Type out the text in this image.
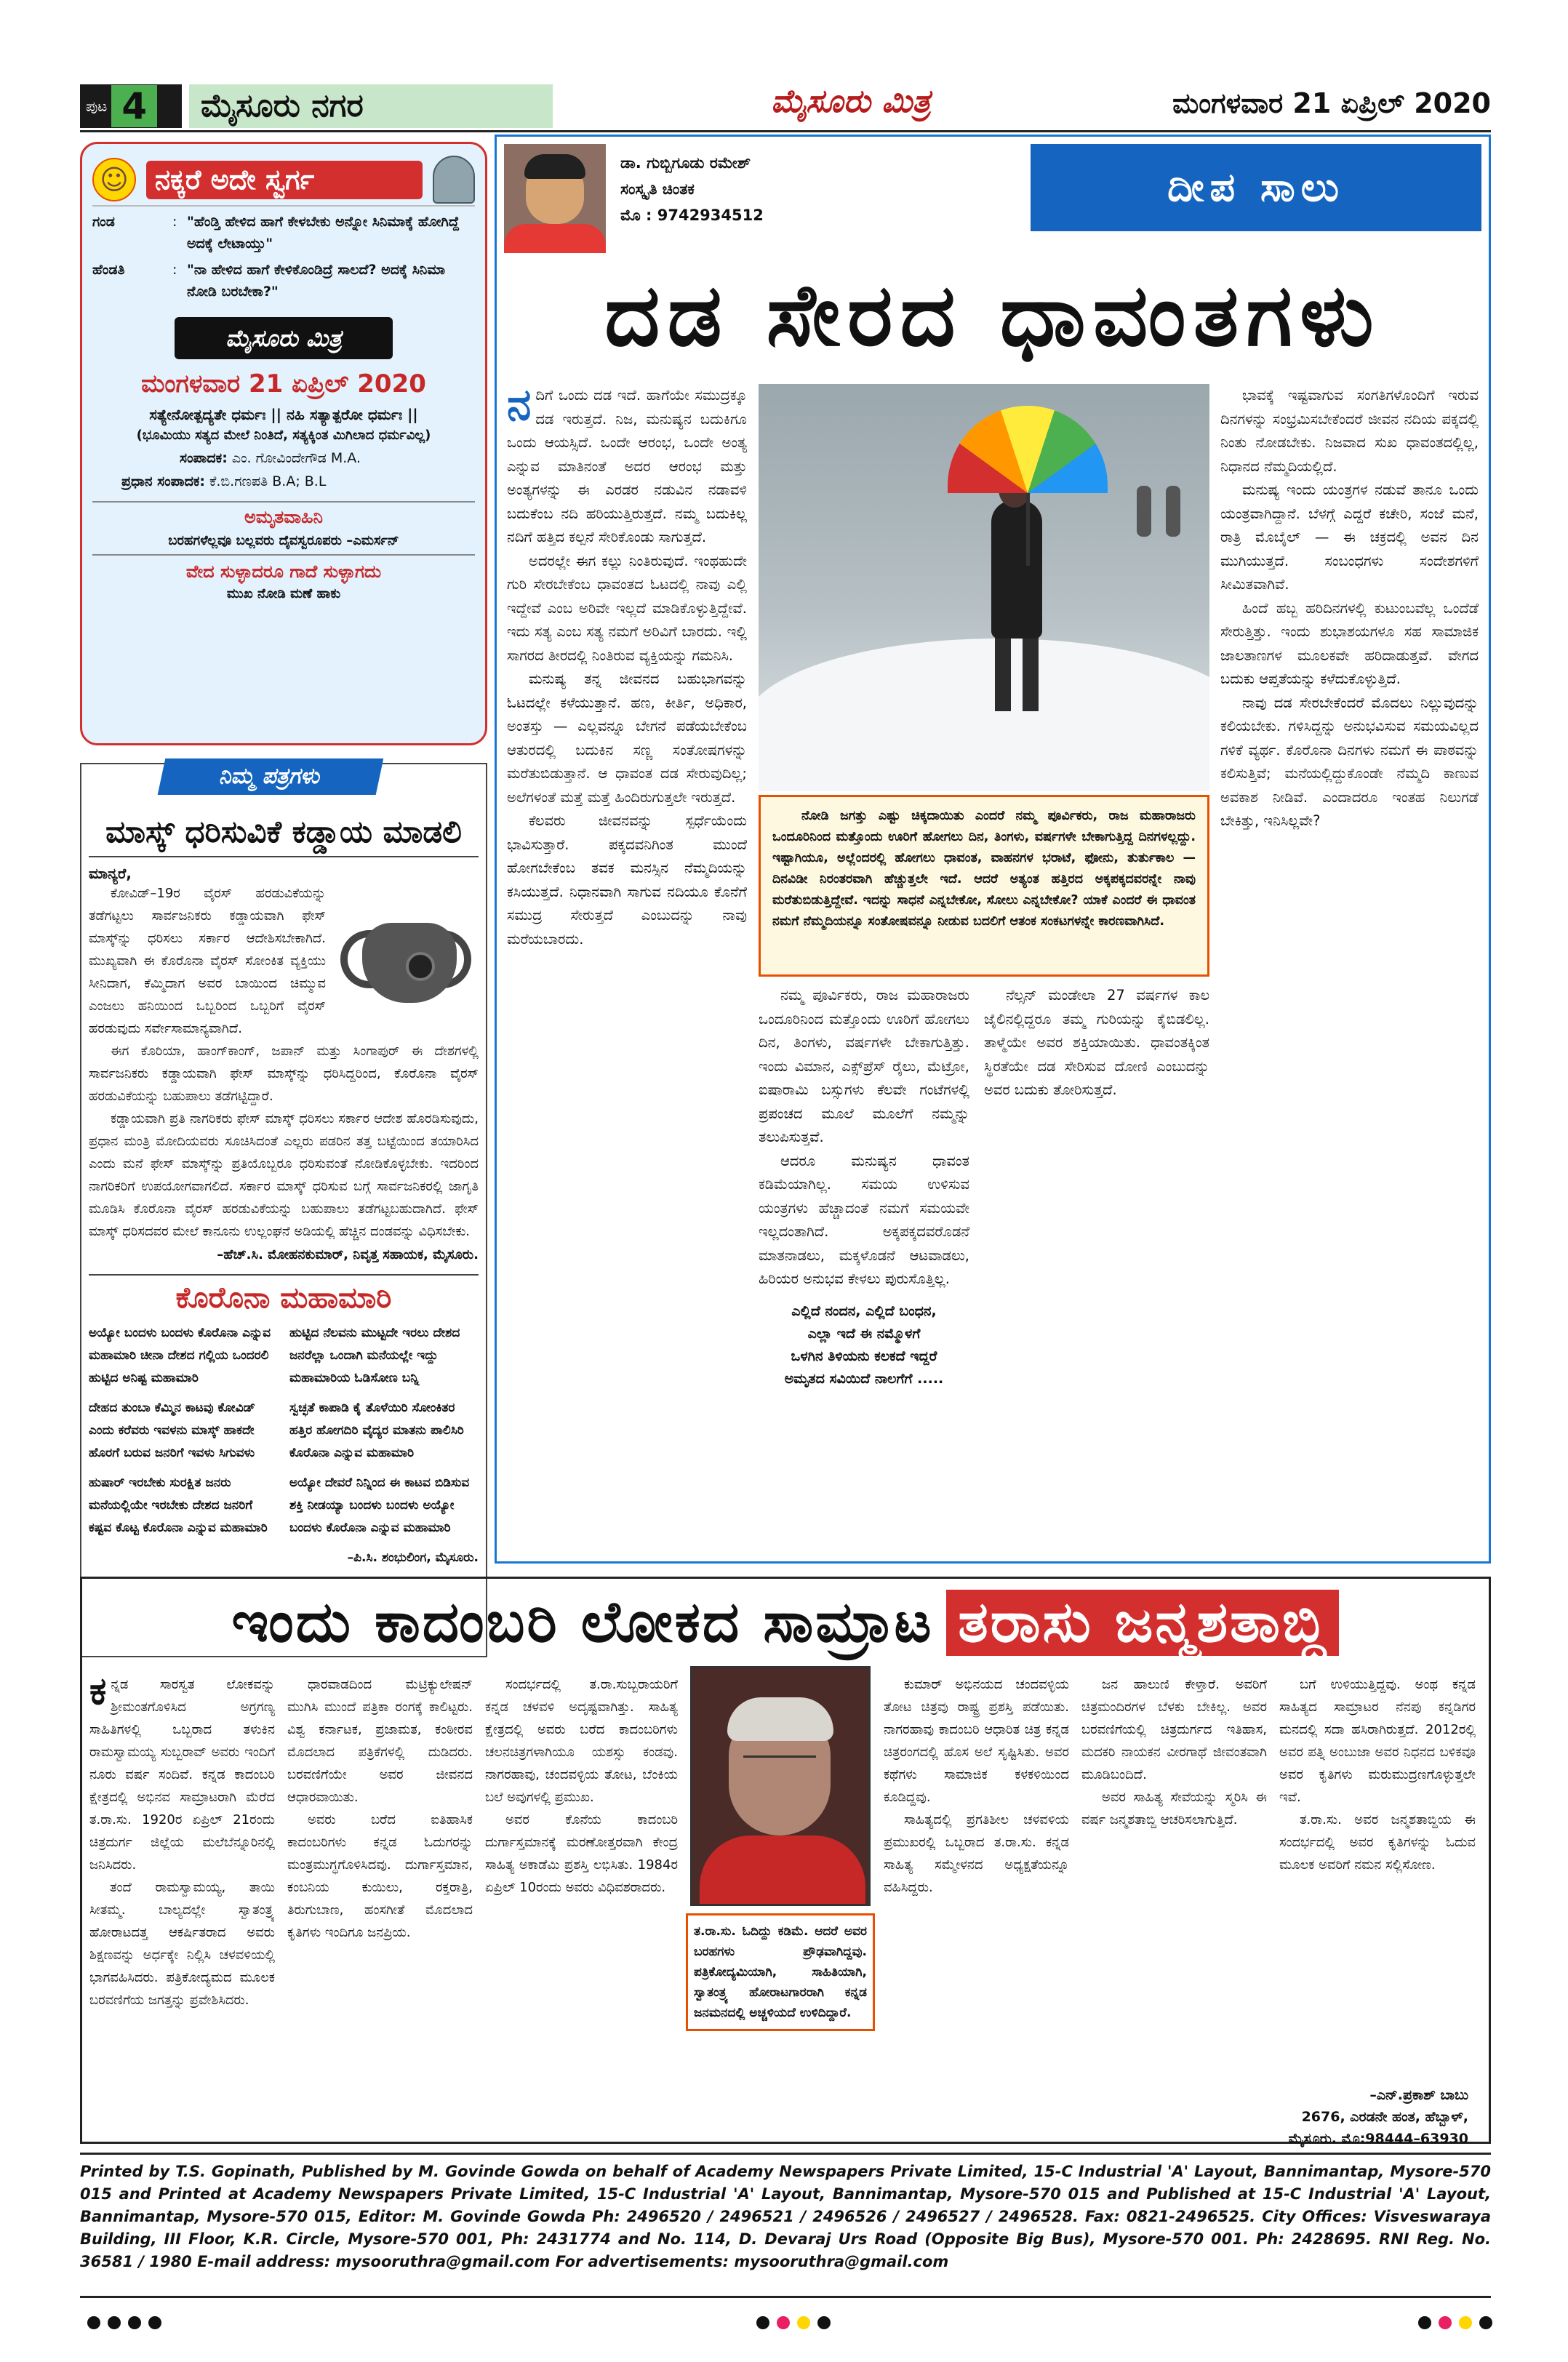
ಪುಟ 4	ಮೈಸೂರು ನಗರ	ಮೈಸೂರು ಮಿತ್ರ	ಮಂಗಳವಾರ 21 ಏಪ್ರಿಲ್ 2020
☺ ನಕ್ಕರೆ ಅದೇ ಸ್ವರ್ಗ
ಗಂಡ	: "ಹೆಂಡ್ತಿ ಹೇಳಿದ ಹಾಗೆ ಕೇಳಬೇಕು ಅನ್ನೋ ಸಿನಿಮಾಕ್ಕೆ ಹೋಗಿದ್ದೆ ಅದಕ್ಕೆ ಲೇಟಾಯ್ತು"
ಹೆಂಡತಿ	: "ನಾ ಹೇಳಿದ ಹಾಗೆ ಕೇಳಿಕೊಂಡಿದ್ರೆ ಸಾಲದೆ? ಅದಕ್ಕೆ ಸಿನಿಮಾ ನೋಡಿ ಬರಬೇಕಾ?"
ಮೈಸೂರು ಮಿತ್ರ
ಮಂಗಳವಾರ 21 ಏಪ್ರಿಲ್ 2020
ಸತ್ಯೇನೋತ್ಪದ್ಯತೇ ಧರ್ಮಃ || ನಹಿ ಸತ್ಯಾತ್ಪರೋ ಧರ್ಮಃ ||
(ಭೂಮಿಯು ಸತ್ಯದ ಮೇಲೆ ನಿಂತಿದೆ, ಸತ್ಯಕ್ಕಿಂತ ಮಿಗಿಲಾದ ಧರ್ಮವಿಲ್ಲ)
ಸಂಪಾದಕ: ಎಂ. ಗೋವಿಂದೇಗೌಡ M.A.
ಪ್ರಧಾನ ಸಂಪಾದಕ: ಕೆ.ಬಿ.ಗಣಪತಿ B.A; B.L
ಅಮೃತವಾಹಿನಿ
ಬರಹಗಳೆಲ್ಲವೂ ಬಲ್ಲವರು ದೈವಸ್ವರೂಪರು –ಎಮರ್ಸನ್
ವೇದ ಸುಳ್ಳಾದರೂ ಗಾದೆ ಸುಳ್ಳಾಗದು
ಮುಖ ನೋಡಿ ಮಣೆ ಹಾಕು
ನಿಮ್ಮ ಪತ್ರಗಳು
ಮಾಸ್ಕ್ ಧರಿಸುವಿಕೆ ಕಡ್ಡಾಯ ಮಾಡಲಿ
ಮಾನ್ಯರೆ,

ಕೋವಿಡ್–19ರ ವೈರಸ್ ಹರಡುವಿಕೆಯನ್ನು ತಡೆಗಟ್ಟಲು ಸಾರ್ವಜನಿಕರು ಕಡ್ಡಾಯವಾಗಿ ಫೇಸ್ ಮಾಸ್ಕ್‌ನ್ನು ಧರಿಸಲು ಸರ್ಕಾರ ಆದೇಶಿಸಬೇಕಾಗಿದೆ. ಮುಖ್ಯವಾಗಿ ಈ ಕೊರೊನಾ ವೈರಸ್ ಸೋಂಕಿತ ವ್ಯಕ್ತಿಯು ಸೀನಿದಾಗ, ಕೆಮ್ಮಿದಾಗ ಅವರ ಬಾಯಿಂದ ಚಿಮ್ಮುವ ಎಂಜಲು ಹನಿಯಿಂದ ಒಬ್ಬರಿಂದ ಒಬ್ಬರಿಗೆ ವೈರಸ್ ಹರಡುವುದು ಸರ್ವೇಸಾಮಾನ್ಯವಾಗಿದೆ.

ಈಗ ಕೊರಿಯಾ, ಹಾಂಗ್‌ಕಾಂಗ್, ಜಪಾನ್ ಮತ್ತು ಸಿಂಗಾಪುರ್ ಈ ದೇಶಗಳಲ್ಲಿ ಸಾರ್ವಜನಿಕರು ಕಡ್ಡಾಯವಾಗಿ ಫೇಸ್ ಮಾಸ್ಕ್‌ನ್ನು ಧರಿಸಿದ್ದರಿಂದ, ಕೊರೊನಾ ವೈರಸ್ ಹರಡುವಿಕೆಯನ್ನು ಬಹುಪಾಲು ತಡೆಗಟ್ಟಿದ್ದಾರೆ.

ಕಡ್ಡಾಯವಾಗಿ ಪ್ರತಿ ನಾಗರಿಕರು ಫೇಸ್ ಮಾಸ್ಕ್ ಧರಿಸಲು ಸರ್ಕಾರ ಆದೇಶ ಹೊರಡಿಸುವುದು, ಪ್ರಧಾನ ಮಂತ್ರಿ ಮೋದಿಯವರು ಸೂಚಿಸಿದಂತೆ ಎಲ್ಲರು ಪಡರಿನ ತತ್ತ ಬಟ್ಟೆಯಿಂದ ತಯಾರಿಸಿದ ಎಂದು ಮನೆ ಫೇಸ್ ಮಾಸ್ಕ್‌ನ್ನು ಪ್ರತಿಯೊಬ್ಬರೂ ಧರಿಸುವಂತೆ ನೋಡಿಕೊಳ್ಳಬೇಕು. ಇದರಿಂದ ನಾಗರಿಕರಿಗೆ ಉಪಯೋಗವಾಗಲಿದೆ. ಸರ್ಕಾರ ಮಾಸ್ಕ್ ಧರಿಸುವ ಬಗ್ಗೆ ಸಾರ್ವಜನಿಕರಲ್ಲಿ ಜಾಗೃತಿ ಮೂಡಿಸಿ ಕೊರೊನಾ ವೈರಸ್ ಹರಡುವಿಕೆಯನ್ನು ಬಹುಪಾಲು ತಡೆಗಟ್ಟಬಹುದಾಗಿದೆ. ಫೇಸ್ ಮಾಸ್ಕ್ ಧರಿಸದವರ ಮೇಲೆ ಕಾನೂನು ಉಲ್ಲಂಘನೆ ಅಡಿಯಲ್ಲಿ ಹೆಚ್ಚಿನ ದಂಡವನ್ನು ವಿಧಿಸಬೇಕು.

–ಹೆಚ್.ಸಿ. ಮೋಹನಕುಮಾರ್, ನಿವೃತ್ತ ಸಹಾಯಕ, ಮೈಸೂರು.
ಕೊರೊನಾ ಮಹಾಮಾರಿ

ಅಯ್ಯೋ ಬಂದಳು ಬಂದಳು ಕೊರೊನಾ ಎನ್ನುವ ಮಹಾಮಾರಿ ಚೀನಾ ದೇಶದ ಗಲ್ಲಿಯ ಒಂದರಲಿ ಹುಟ್ಟಿದ ಅನಿಷ್ಟ ಮಹಾಮಾರಿ

ದೇಹದ ತುಂಬಾ ಕೆಮ್ಮಿನ ಕಾಟವು ಕೋವಿಡ್ ಎಂದು ಕರೆವರು ಇವಳನು ಮಾಸ್ಕ್ ಹಾಕದೇ ಹೊರಗೆ ಬರುವ ಜನರಿಗೆ ಇವಳು ಸಿಗುವಳು

ಹುಷಾರ್ ಇರಬೇಕು ಸುರಕ್ಷಿತ ಜನರು ಮನೆಯಲ್ಲಿಯೇ ಇರಬೇಕು ದೇಶದ ಜನರಿಗೆ ಕಷ್ಟವ ಕೊಟ್ಟ ಕೊರೊನಾ ಎನ್ನುವ ಮಹಾಮಾರಿ

ಹುಟ್ಟಿದ ನೆಲವನು ಮುಟ್ಟದೇ ಇರಲು ದೇಶದ ಜನರೆಲ್ಲಾ ಒಂದಾಗಿ ಮನೆಯಲ್ಲೇ ಇದ್ದು ಮಹಾಮಾರಿಯ ಓಡಿಸೋಣ ಬನ್ನಿ

ಸ್ವಚ್ಛತೆ ಕಾಪಾಡಿ ಕೈ ತೊಳೆಯಿರಿ ಸೋಂಕಿತರ ಹತ್ತಿರ ಹೋಗದಿರಿ ವೈದ್ಯರ ಮಾತನು ಪಾಲಿಸಿರಿ ಕೊರೊನಾ ಎನ್ನುವ ಮಹಾಮಾರಿ

ಅಯ್ಯೋ ದೇವರೆ ನಿನ್ನಿಂದ ಈ ಕಾಟವ ಬಿಡಿಸುವ ಶಕ್ತಿ ನೀಡಯ್ಯಾ ಬಂದಳು ಬಂದಳು ಅಯ್ಯೋ ಬಂದಳು ಕೊರೊನಾ ಎನ್ನುವ ಮಹಾಮಾರಿ

–ಪಿ.ಸಿ. ಶಂಭುಲಿಂಗ, ಮೈಸೂರು.
ಡಾ. ಗುಬ್ಬಿಗೂಡು ರಮೇಶ್
ಸಂಸ್ಕೃತಿ ಚಿಂತಕ
ಮೊ : 9742934512
ದೀಪ ಸಾಲು
ದಡ ಸೇರದ ಧಾವಂತಗಳು

ನದಿಗೆ ಒಂದು ದಡ ಇದೆ. ಹಾಗೆಯೇ ಸಮುದ್ರಕ್ಕೂ ದಡ ಇರುತ್ತದೆ. ನಿಜ, ಮನುಷ್ಯನ ಬದುಕಿಗೂ ಒಂದು ಆಯಸ್ಸಿದೆ. ಒಂದೇ ಆರಂಭ, ಒಂದೇ ಅಂತ್ಯ ಎನ್ನುವ ಮಾತಿನಂತೆ ಅದರ ಆರಂಭ ಮತ್ತು ಅಂತ್ಯಗಳನ್ನು ಈ ಎರಡರ ನಡುವಿನ ನಡಾವಳಿ ಬದುಕೆಂಬ ನದಿ ಹರಿಯುತ್ತಿರುತ್ತದೆ. ನಮ್ಮ ಬದುಕಿಲ್ಲ ನದಿಗೆ ಹತ್ತಿದ ಕಲ್ಪನೆ ಸೇರಿಕೊಂಡು ಸಾಗುತ್ತದೆ.

ಅದರಲ್ಲೇ ಈಗ ಕಲ್ಲು ನಿಂತಿರುವುದೆ. ಇಂಥಹುದೇ ಗುರಿ ಸೇರಬೇಕೆಂಬ ಧಾವಂತದ ಓಟದಲ್ಲಿ ನಾವು ಎಲ್ಲಿ ಇದ್ದೇವೆ ಎಂಬ ಅರಿವೇ ಇಲ್ಲದೆ ಮಾಡಿಕೊಳ್ಳುತ್ತಿದ್ದೇವೆ. ಇದು ಸತ್ಯ ಎಂಬ ಸತ್ಯ ನಮಗೆ ಅರಿವಿಗೆ ಬಾರದು. ಇಲ್ಲಿ ಸಾಗರದ ತೀರದಲ್ಲಿ ನಿಂತಿರುವ ವ್ಯಕ್ತಿಯನ್ನು ಗಮನಿಸಿ.

ಮನುಷ್ಯ ತನ್ನ ಜೀವನದ ಬಹುಭಾಗವನ್ನು ಓಟದಲ್ಲೇ ಕಳೆಯುತ್ತಾನೆ. ಹಣ, ಕೀರ್ತಿ, ಅಧಿಕಾರ, ಅಂತಸ್ತು — ಎಲ್ಲವನ್ನೂ ಬೇಗನೆ ಪಡೆಯಬೇಕೆಂಬ ಆತುರದಲ್ಲಿ ಬದುಕಿನ ಸಣ್ಣ ಸಂತೋಷಗಳನ್ನು ಮರೆತುಬಿಡುತ್ತಾನೆ. ಆ ಧಾವಂತ ದಡ ಸೇರುವುದಿಲ್ಲ; ಅಲೆಗಳಂತೆ ಮತ್ತೆ ಮತ್ತೆ ಹಿಂದಿರುಗುತ್ತಲೇ ಇರುತ್ತದೆ.

ಕೆಲವರು ಜೀವನವನ್ನು ಸ್ಪರ್ಧೆಯೆಂದು ಭಾವಿಸುತ್ತಾರೆ. ಪಕ್ಕದವನಿಗಿಂತ ಮುಂದೆ ಹೋಗಬೇಕೆಂಬ ತವಕ ಮನಸ್ಸಿನ ನೆಮ್ಮದಿಯನ್ನು ಕಸಿಯುತ್ತದೆ. ನಿಧಾನವಾಗಿ ಸಾಗುವ ನದಿಯೂ ಕೊನೆಗೆ ಸಮುದ್ರ ಸೇರುತ್ತದೆ ಎಂಬುದನ್ನು ನಾವು ಮರೆಯಬಾರದು.

ನೋಡಿ ಜಗತ್ತು ಎಷ್ಟು ಚಿಕ್ಕದಾಯಿತು ಎಂದರೆ ನಮ್ಮ ಪೂರ್ವಿಕರು, ರಾಜ ಮಹಾರಾಜರು ಒಂದೂರಿನಿಂದ ಮತ್ತೊಂದು ಊರಿಗೆ ಹೋಗಲು ದಿನ, ತಿಂಗಳು, ವರ್ಷಗಳೇ ಬೇಕಾಗುತ್ತಿದ್ದ ದಿನಗಳಲ್ಲದ್ದು. ಇಷ್ಟಾಗಿಯೂ, ಅಲ್ಲೆಂದರಲ್ಲಿ ಹೋಗಲು ಧಾವಂತ, ವಾಹನಗಳ ಭರಾಟೆ, ಫೋನು, ತುರ್ತುಕಾಲ — ದಿನವಿಡೀ ನಿರಂತರವಾಗಿ ಹೆಚ್ಚುತ್ತಲೇ ಇದೆ. ಆದರೆ ಅತ್ಯಂತ ಹತ್ತಿರದ ಅಕ್ಕಪಕ್ಕದವರನ್ನೇ ನಾವು ಮರೆತುಬಿಡುತ್ತಿದ್ದೇವೆ. ಇದನ್ನು ಸಾಧನೆ ಎನ್ನಬೇಕೋ, ಸೋಲು ಎನ್ನಬೇಕೋ? ಯಾಕೆ ಎಂದರೆ ಈ ಧಾವಂತ ನಮಗೆ ನೆಮ್ಮದಿಯನ್ನೂ ಸಂತೋಷವನ್ನೂ ನೀಡುವ ಬದಲಿಗೆ ಆತಂಕ ಸಂಕಟಗಳನ್ನೇ ಕಾರಣವಾಗಿಸಿದೆ.

ನಮ್ಮ ಪೂರ್ವಿಕರು, ರಾಜ ಮಹಾರಾಜರು ಒಂದೂರಿನಿಂದ ಮತ್ತೊಂದು ಊರಿಗೆ ಹೋಗಲು ದಿನ, ತಿಂಗಳು, ವರ್ಷಗಳೇ ಬೇಕಾಗುತ್ತಿತ್ತು. ಇಂದು ವಿಮಾನ, ಎಕ್ಸ್‌ಪ್ರೆಸ್ ರೈಲು, ಮೆಟ್ರೋ, ಐಷಾರಾಮಿ ಬಸ್ಸುಗಳು ಕೆಲವೇ ಗಂಟೆಗಳಲ್ಲಿ ಪ್ರಪಂಚದ ಮೂಲೆ ಮೂಲೆಗೆ ನಮ್ಮನ್ನು ತಲುಪಿಸುತ್ತವೆ.

ಆದರೂ ಮನುಷ್ಯನ ಧಾವಂತ ಕಡಿಮೆಯಾಗಿಲ್ಲ. ಸಮಯ ಉಳಿಸುವ ಯಂತ್ರಗಳು ಹೆಚ್ಚಾದಂತೆ ನಮಗೆ ಸಮಯವೇ ಇಲ್ಲದಂತಾಗಿದೆ. ಅಕ್ಕಪಕ್ಕದವರೊಡನೆ ಮಾತನಾಡಲು, ಮಕ್ಕಳೊಡನೆ ಆಟವಾಡಲು, ಹಿರಿಯರ ಅನುಭವ ಕೇಳಲು ಪುರುಸೊತ್ತಿಲ್ಲ.

ಎಲ್ಲಿದೆ ನಂದನ, ಎಲ್ಲಿದೆ ಬಂಧನ,
ಎಲ್ಲಾ ಇದೆ ಈ ನಮ್ಮೊಳಗೆ
ಒಳಗಿನ ತಿಳಿಯನು ಕಲಕದೆ ಇದ್ದರೆ
ಅಮೃತದ ಸವಿಯಿದೆ ನಾಲಗೆಗೆ .....

ನೆಲ್ಸನ್ ಮಂಡೇಲಾ 27 ವರ್ಷಗಳ ಕಾಲ ಜೈಲಿನಲ್ಲಿದ್ದರೂ ತಮ್ಮ ಗುರಿಯನ್ನು ಕೈಬಿಡಲಿಲ್ಲ. ತಾಳ್ಮೆಯೇ ಅವರ ಶಕ್ತಿಯಾಯಿತು. ಧಾವಂತಕ್ಕಿಂತ ಸ್ಥಿರತೆಯೇ ದಡ ಸೇರಿಸುವ ದೋಣಿ ಎಂಬುದನ್ನು ಅವರ ಬದುಕು ತೋರಿಸುತ್ತದೆ.

ಭಾವಕ್ಕೆ ಇಷ್ಟವಾಗುವ ಸಂಗತಿಗಳೊಂದಿಗೆ ಇರುವ ದಿನಗಳನ್ನು ಸಂಭ್ರಮಿಸಬೇಕೆಂದರೆ ಜೀವನ ನದಿಯ ಪಕ್ಕದಲ್ಲಿ ನಿಂತು ನೋಡಬೇಕು. ನಿಜವಾದ ಸುಖ ಧಾವಂತದಲ್ಲಿಲ್ಲ, ನಿಧಾನದ ನೆಮ್ಮದಿಯಲ್ಲಿದೆ.

ಮನುಷ್ಯ ಇಂದು ಯಂತ್ರಗಳ ನಡುವೆ ತಾನೂ ಒಂದು ಯಂತ್ರವಾಗಿದ್ದಾನೆ. ಬೆಳಗ್ಗೆ ಎದ್ದರೆ ಕಚೇರಿ, ಸಂಜೆ ಮನೆ, ರಾತ್ರಿ ಮೊಬೈಲ್ — ಈ ಚಕ್ರದಲ್ಲಿ ಅವನ ದಿನ ಮುಗಿಯುತ್ತದೆ. ಸಂಬಂಧಗಳು ಸಂದೇಶಗಳಿಗೆ ಸೀಮಿತವಾಗಿವೆ.

ಹಿಂದೆ ಹಬ್ಬ ಹರಿದಿನಗಳಲ್ಲಿ ಕುಟುಂಬವೆಲ್ಲ ಒಂದೆಡೆ ಸೇರುತ್ತಿತ್ತು. ಇಂದು ಶುಭಾಶಯಗಳೂ ಸಹ ಸಾಮಾಜಿಕ ಜಾಲತಾಣಗಳ ಮೂಲಕವೇ ಹರಿದಾಡುತ್ತವೆ. ವೇಗದ ಬದುಕು ಆಪ್ತತೆಯನ್ನು ಕಳೆದುಕೊಳ್ಳುತ್ತಿದೆ.

ನಾವು ದಡ ಸೇರಬೇಕೆಂದರೆ ಮೊದಲು ನಿಲ್ಲುವುದನ್ನು ಕಲಿಯಬೇಕು. ಗಳಿಸಿದ್ದನ್ನು ಅನುಭವಿಸುವ ಸಮಯವಿಲ್ಲದ ಗಳಿಕೆ ವ್ಯರ್ಥ. ಕೊರೊನಾ ದಿನಗಳು ನಮಗೆ ಈ ಪಾಠವನ್ನು ಕಲಿಸುತ್ತಿವೆ; ಮನೆಯಲ್ಲಿದ್ದುಕೊಂಡೇ ನೆಮ್ಮದಿ ಕಾಣುವ ಅವಕಾಶ ನೀಡಿವೆ. ಎಂದಾದರೂ ಇಂತಹ ನಿಲುಗಡೆ ಬೇಕಿತ್ತು, ಇನಿಸಿಲ್ಲವೇ?

ಇಂದು ಕಾದಂಬರಿ ಲೋಕದ ಸಾಮ್ರಾಟ ತರಾಸು ಜನ್ಮಶತಾಬ್ದಿ

ಕನ್ನಡ ಸಾರಸ್ವತ ಲೋಕವನ್ನು ಶ್ರೀಮಂತಗೊಳಿಸಿದ ಅಗ್ರಗಣ್ಯ ಸಾಹಿತಿಗಳಲ್ಲಿ ಒಬ್ಬರಾದ ತಳುಕಿನ ರಾಮಸ್ವಾಮಯ್ಯ ಸುಬ್ಬರಾವ್ ಅವರು ಇಂದಿಗೆ ನೂರು ವರ್ಷ ಸಂದಿವೆ. ಕನ್ನಡ ಕಾದಂಬರಿ ಕ್ಷೇತ್ರದಲ್ಲಿ ಅಭಿನವ ಸಾಮ್ರಾಟರಾಗಿ ಮೆರೆದ ತ.ರಾ.ಸು. 1920ರ ಏಪ್ರಿಲ್ 21ರಂದು ಚಿತ್ರದುರ್ಗ ಜಿಲ್ಲೆಯ ಮಲೆಬೆನ್ನೂರಿನಲ್ಲಿ ಜನಿಸಿದರು.

ತಂದೆ ರಾಮಸ್ವಾಮಯ್ಯ, ತಾಯಿ ಸೀತಮ್ಮ. ಬಾಲ್ಯದಲ್ಲೇ ಸ್ವಾತಂತ್ರ್ಯ ಹೋರಾಟದತ್ತ ಆಕರ್ಷಿತರಾದ ಅವರು ಶಿಕ್ಷಣವನ್ನು ಅರ್ಧಕ್ಕೇ ನಿಲ್ಲಿಸಿ ಚಳವಳಿಯಲ್ಲಿ ಭಾಗವಹಿಸಿದರು. ಪತ್ರಿಕೋದ್ಯಮದ ಮೂಲಕ ಬರವಣಿಗೆಯ ಜಗತ್ತನ್ನು ಪ್ರವೇಶಿಸಿದರು.

ಧಾರವಾಡದಿಂದ ಮೆಟ್ರಿಕ್ಯುಲೇಷನ್ ಮುಗಿಸಿ ಮುಂದೆ ಪತ್ರಿಕಾ ರಂಗಕ್ಕೆ ಕಾಲಿಟ್ಟರು. ವಿಶ್ವ ಕರ್ನಾಟಕ, ಪ್ರಜಾಮತ, ಕಂಠೀರವ ಮೊದಲಾದ ಪತ್ರಿಕೆಗಳಲ್ಲಿ ದುಡಿದರು. ಬರವಣಿಗೆಯೇ ಅವರ ಜೀವನದ ಆಧಾರವಾಯಿತು.

ಅವರು ಬರೆದ ಐತಿಹಾಸಿಕ ಕಾದಂಬರಿಗಳು ಕನ್ನಡ ಓದುಗರನ್ನು ಮಂತ್ರಮುಗ್ಧಗೊಳಿಸಿದವು. ದುರ್ಗಾಸ್ತಮಾನ, ಕಂಬನಿಯ ಕುಯಿಲು, ರಕ್ತರಾತ್ರಿ, ತಿರುಗುಬಾಣ, ಹಂಸಗೀತೆ ಮೊದಲಾದ ಕೃತಿಗಳು ಇಂದಿಗೂ ಜನಪ್ರಿಯ.

ಸಂದರ್ಭದಲ್ಲಿ ತ.ರಾ.ಸುಬ್ಬರಾಯರಿಗೆ ಕನ್ನಡ ಚಳವಳಿ ಅದೃಷ್ಟವಾಗಿತ್ತು. ಸಾಹಿತ್ಯ ಕ್ಷೇತ್ರದಲ್ಲಿ ಅವರು ಬರೆದ ಕಾದಂಬರಿಗಳು ಚಲನಚಿತ್ರಗಳಾಗಿಯೂ ಯಶಸ್ಸು ಕಂಡವು. ನಾಗರಹಾವು, ಚಂದವಳ್ಳಿಯ ತೋಟ, ಬೆಂಕಿಯ ಬಲೆ ಅವುಗಳಲ್ಲಿ ಪ್ರಮುಖ.

ಅವರ ಕೊನೆಯ ಕಾದಂಬರಿ ದುರ್ಗಾಸ್ತಮಾನಕ್ಕೆ ಮರಣೋತ್ತರವಾಗಿ ಕೇಂದ್ರ ಸಾಹಿತ್ಯ ಅಕಾಡೆಮಿ ಪ್ರಶಸ್ತಿ ಲಭಿಸಿತು. 1984ರ ಏಪ್ರಿಲ್ 10ರಂದು ಅವರು ವಿಧಿವಶರಾದರು.

ತ.ರಾ.ಸು. ಓದಿದ್ದು ಕಡಿಮೆ. ಆದರೆ ಅವರ ಬರಹಗಳು ಪ್ರೌಢವಾಗಿದ್ದವು. ಪತ್ರಿಕೋದ್ಯಮಿಯಾಗಿ, ಸಾಹಿತಿಯಾಗಿ, ಸ್ವಾತಂತ್ರ್ಯ ಹೋರಾಟಗಾರರಾಗಿ ಕನ್ನಡ ಜನಮನದಲ್ಲಿ ಅಚ್ಚಳಿಯದೆ ಉಳಿದಿದ್ದಾರೆ.

ಕುಮಾರ್ ಅಭಿನಯದ ಚಂದವಳ್ಳಿಯ ತೋಟ ಚಿತ್ರವು ರಾಷ್ಟ್ರ ಪ್ರಶಸ್ತಿ ಪಡೆಯಿತು. ನಾಗರಹಾವು ಕಾದಂಬರಿ ಆಧಾರಿತ ಚಿತ್ರ ಕನ್ನಡ ಚಿತ್ರರಂಗದಲ್ಲಿ ಹೊಸ ಅಲೆ ಸೃಷ್ಟಿಸಿತು. ಅವರ ಕಥೆಗಳು ಸಾಮಾಜಿಕ ಕಳಕಳಿಯಿಂದ ಕೂಡಿದ್ದವು.

ಸಾಹಿತ್ಯದಲ್ಲಿ ಪ್ರಗತಿಶೀಲ ಚಳವಳಿಯ ಪ್ರಮುಖರಲ್ಲಿ ಒಬ್ಬರಾದ ತ.ರಾ.ಸು. ಕನ್ನಡ ಸಾಹಿತ್ಯ ಸಮ್ಮೇಳನದ ಅಧ್ಯಕ್ಷತೆಯನ್ನೂ ವಹಿಸಿದ್ದರು.

ಜನ ಹಾಲುಣಿ ಕೇಳ್ತಾರೆ. ಅವರಿಗೆ ಚಿತ್ರಮಂದಿರಗಳ ಬೆಳಕು ಬೇಕಿಲ್ಲ. ಅವರ ಬರವಣಿಗೆಯಲ್ಲಿ ಚಿತ್ರದುರ್ಗದ ಇತಿಹಾಸ, ಮದಕರಿ ನಾಯಕನ ವೀರಗಾಥೆ ಜೀವಂತವಾಗಿ ಮೂಡಿಬಂದಿದೆ.

ಅವರ ಸಾಹಿತ್ಯ ಸೇವೆಯನ್ನು ಸ್ಮರಿಸಿ ಈ ವರ್ಷ ಜನ್ಮಶತಾಬ್ದಿ ಆಚರಿಸಲಾಗುತ್ತಿದೆ.

ಬಗೆ ಉಳಿಯುತ್ತಿದ್ದವು. ಅಂಥ ಕನ್ನಡ ಸಾಹಿತ್ಯದ ಸಾಮ್ರಾಟರ ನೆನಪು ಕನ್ನಡಿಗರ ಮನದಲ್ಲಿ ಸದಾ ಹಸಿರಾಗಿರುತ್ತದೆ. 2012ರಲ್ಲಿ ಅವರ ಪತ್ನಿ ಅಂಬುಜಾ ಅವರ ನಿಧನದ ಬಳಿಕವೂ ಅವರ ಕೃತಿಗಳು ಮರುಮುದ್ರಣಗೊಳ್ಳುತ್ತಲೇ ಇವೆ.

ತ.ರಾ.ಸು. ಅವರ ಜನ್ಮಶತಾಬ್ದಿಯ ಈ ಸಂದರ್ಭದಲ್ಲಿ ಅವರ ಕೃತಿಗಳನ್ನು ಓದುವ ಮೂಲಕ ಅವರಿಗೆ ನಮನ ಸಲ್ಲಿಸೋಣ.

–ಎನ್.ಪ್ರಕಾಶ್ ಬಾಬು
2676, ಎರಡನೇ ಹಂತ, ಹೆಬ್ಬಾಳ್, ಮೈಸೂರು. ಮೊ:98444–63930
Printed by T.S. Gopinath, Published by M. Govinde Gowda on behalf of Academy Newspapers Private Limited, 15-C Industrial 'A' Layout, Bannimantap, Mysore-570 015 and Printed at Academy Newspapers Private Limited, 15-C Industrial 'A' Layout, Bannimantap, Mysore-570 015 and Published at 15-C Industrial 'A' Layout, Bannimantap, Mysore-570 015, Editor: M. Govinde Gowda Ph: 2496520 / 2496521 / 2496526 / 2496527 / 2496528. Fax: 0821-2496525. City Offices: Visveswaraya Building, III Floor, K.R. Circle, Mysore-570 001, Ph: 2431774 and No. 114, D. Devaraj Urs Road (Opposite Big Bus), Mysore-570 001. Ph: 2428695. RNI Reg. No. 36581 / 1980 E-mail address: mysooruthra@gmail.com For advertisements: mysooruthra@gmail.com
